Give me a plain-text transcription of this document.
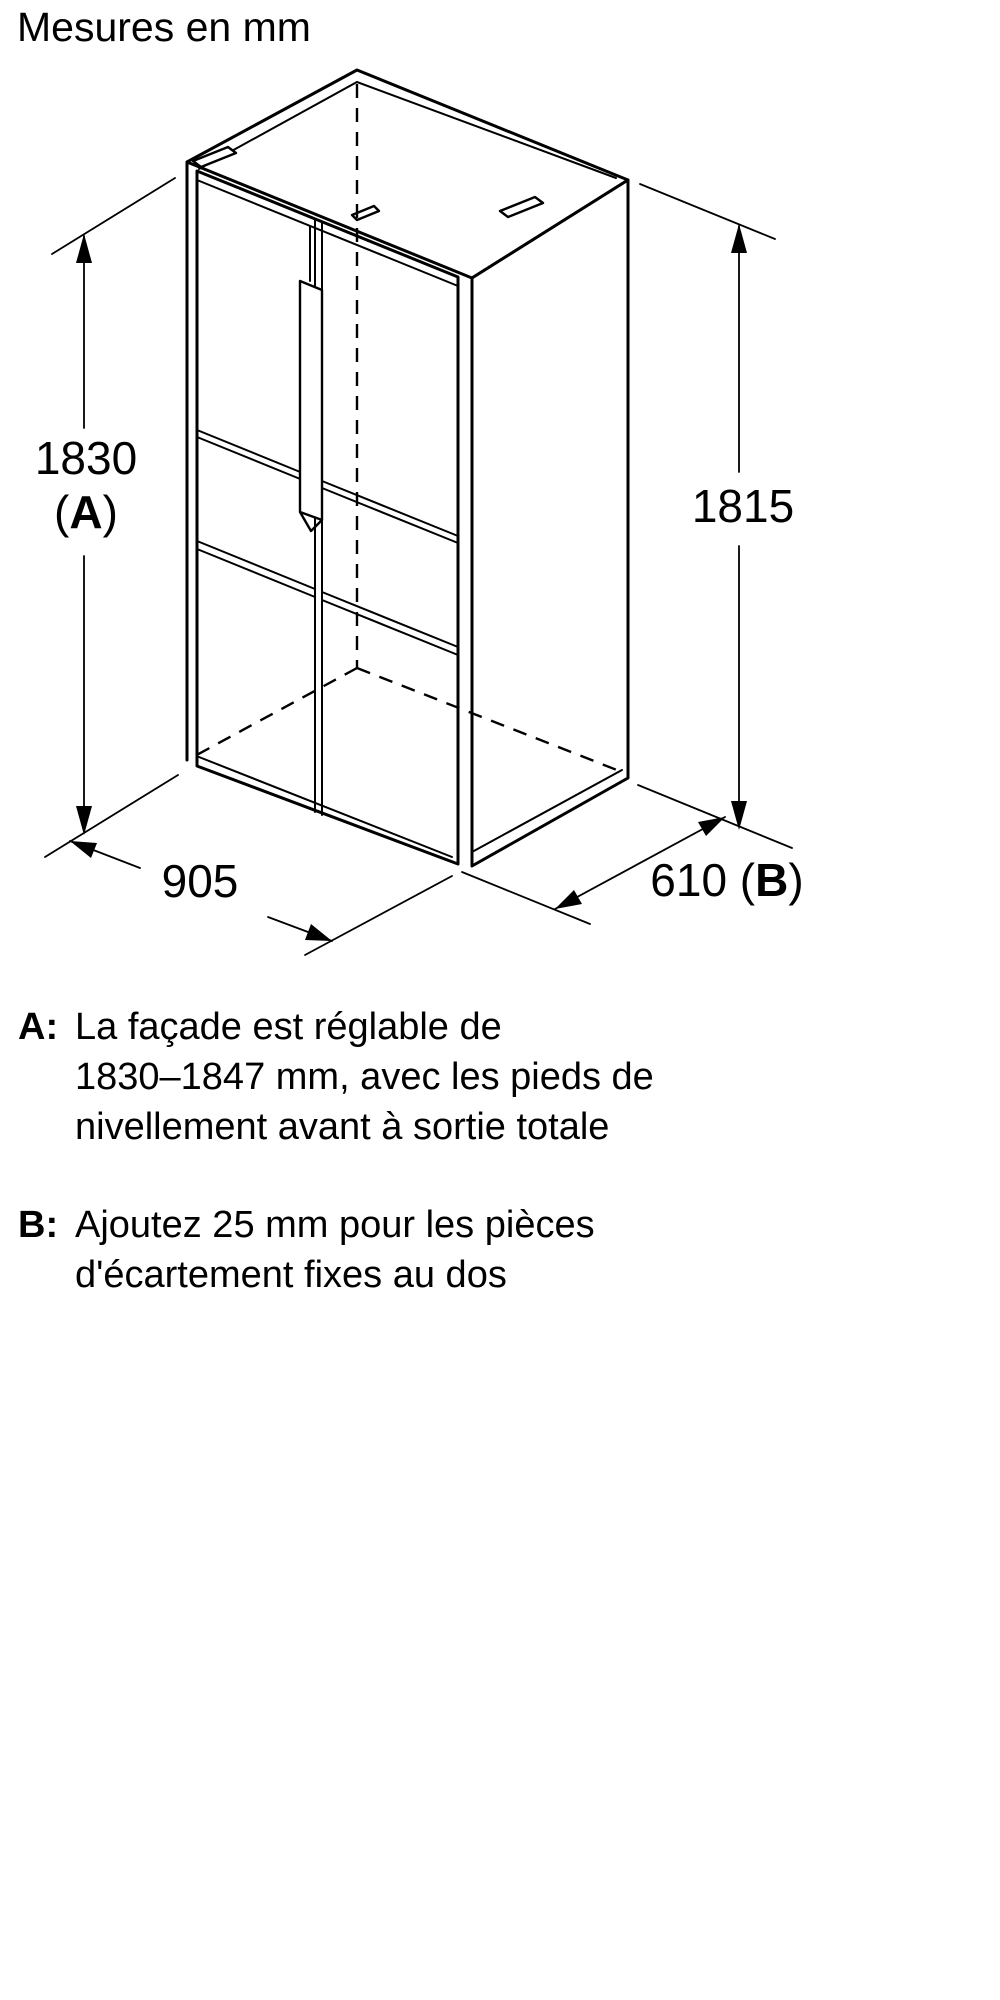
Mesures en mm
1830
(A)	1815
905	610 (B)
A: La façade est réglable de
1830–1847 mm, avec les pieds de
nivellement avant à sortie totale
B: Ajoutez 25 mm pour les pièces
d'écartement fixes au dos
